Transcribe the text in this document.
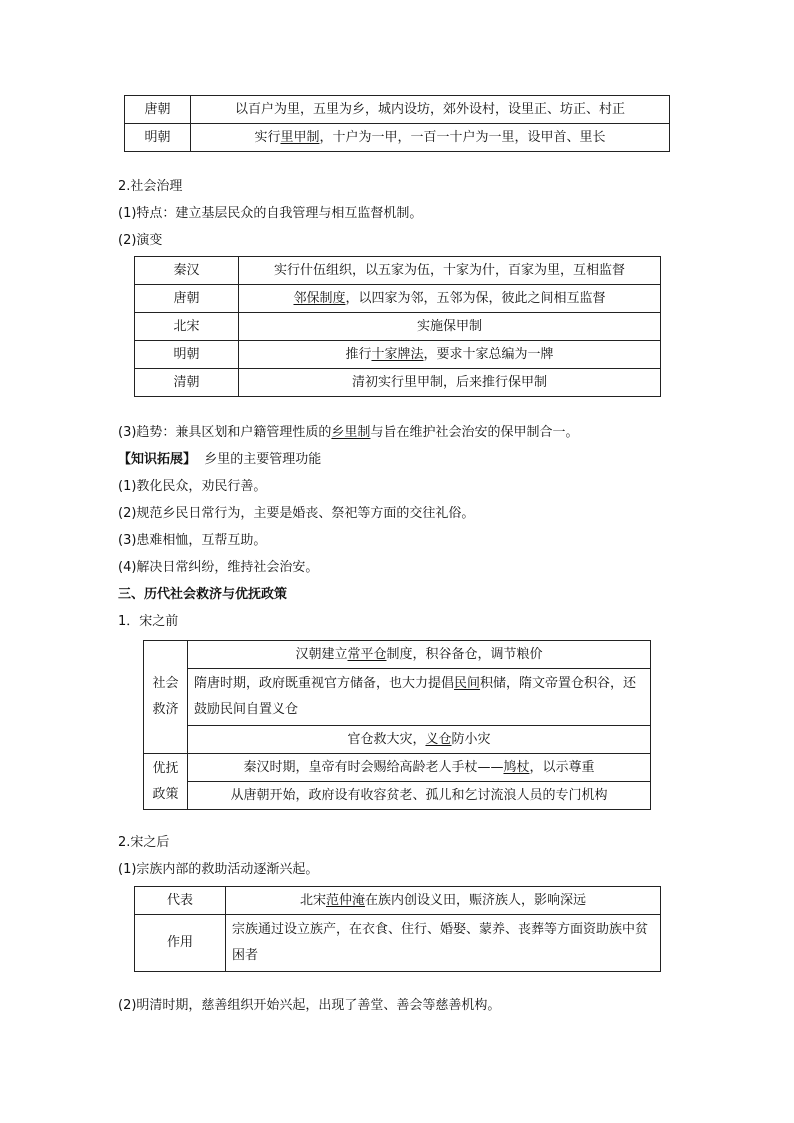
唐朝	以百户为里，五里为乡，城内设坊，郊外设村，设里正、坊正、村正
明朝	实行里甲制，十户为一甲，一百一十户为一里，设甲首、里长
2.社会治理
(1)特点：建立基层民众的自我管理与相互监督机制。
(2)演变
秦汉	实行什伍组织，以五家为伍，十家为什，百家为里，互相监督
唐朝	邻保制度，以四家为邻，五邻为保，彼此之间相互监督
北宋	实施保甲制
明朝	推行十家牌法，要求十家总编为一牌
清朝	清初实行里甲制，后来推行保甲制
(3)趋势：兼具区划和户籍管理性质的乡里制与旨在维护社会治安的保甲制合一。
【知识拓展】 乡里的主要管理功能
(1)教化民众，劝民行善。
(2)规范乡民日常行为，主要是婚丧、祭祀等方面的交往礼俗。
(3)患难相恤，互帮互助。
(4)解决日常纠纷，维持社会治安。
三、历代社会救济与优抚政策
1．宋之前
社会
救济	汉朝建立常平仓制度，积谷备仓，调节粮价
	隋唐时期，政府既重视官方储备，也大力提倡民间积储，隋文帝置仓积谷，还鼓励民间自置义仓
	官仓救大灾，义仓防小灾
优抚
政策	秦汉时期，皇帝有时会赐给高龄老人手杖——鸠杖，以示尊重
	从唐朝开始，政府设有收容贫老、孤儿和乞讨流浪人员的专门机构
2.宋之后
(1)宗族内部的救助活动逐渐兴起。
代表	北宋范仲淹在族内创设义田，赈济族人，影响深远
作用	宗族通过设立族产，在衣食、住行、婚娶、蒙养、丧葬等方面资助族中贫困者
(2)明清时期，慈善组织开始兴起，出现了善堂、善会等慈善机构。
